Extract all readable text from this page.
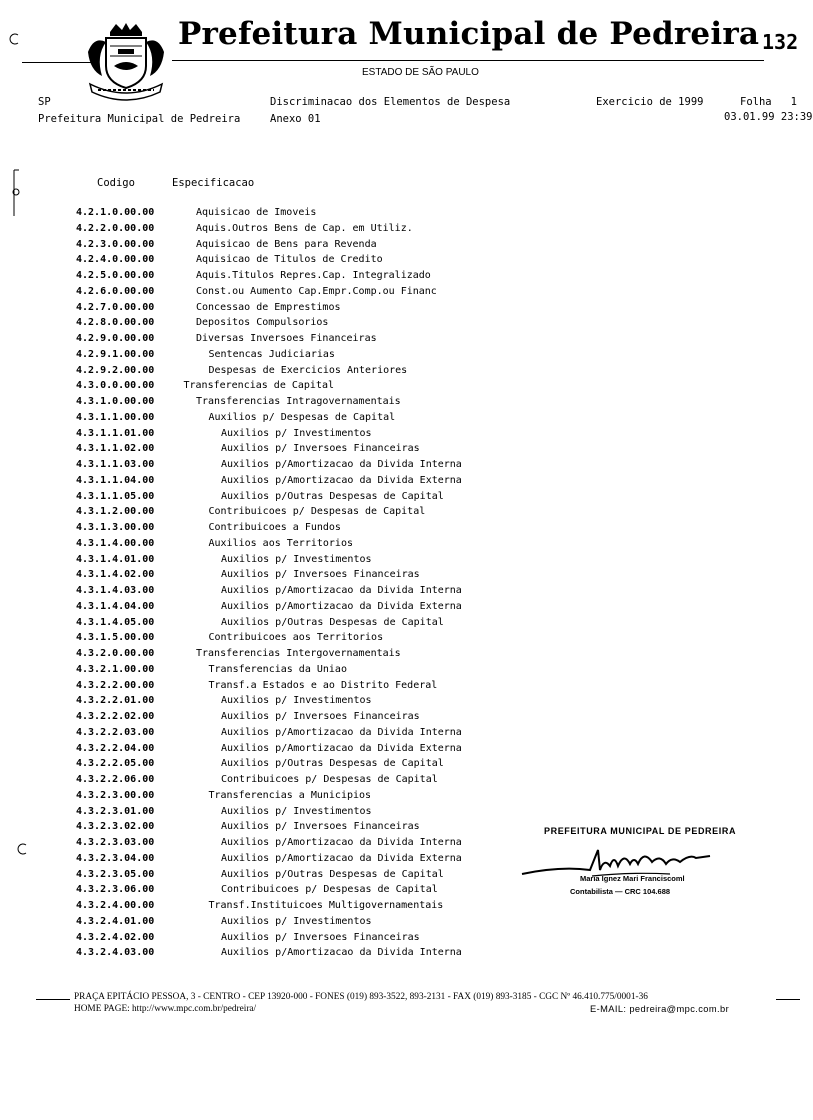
Prefeitura Municipal de Pedreira 132
ESTADO DE SÃO PAULO
SP
Prefeitura Municipal de Pedreira
Discriminacao dos Elementos de Despesa
Anexo 01
Exercicio de 1999	Folha 1
03.01.99 23:39
Codigo	Especificacao
4.2.1.0.00.00	Aquisicao de Imoveis
4.2.2.0.00.00	Aquis.Outros Bens de Cap. em Utiliz.
4.2.3.0.00.00	Aquisicao de Bens para Revenda
4.2.4.0.00.00	Aquisicao de Titulos de Credito
4.2.5.0.00.00	Aquis.Titulos Repres.Cap. Integralizado
4.2.6.0.00.00	Const.ou Aumento Cap.Empr.Comp.ou Financ
4.2.7.0.00.00	Concessao de Emprestimos
4.2.8.0.00.00	Depositos Compulsorios
4.2.9.0.00.00	Diversas Inversoes Financeiras
4.2.9.1.00.00	Sentencas Judiciarias
4.2.9.2.00.00	Despesas de Exercicios Anteriores
4.3.0.0.00.00	Transferencias de Capital
4.3.1.0.00.00	Transferencias Intragovernamentais
4.3.1.1.00.00	Auxilios p/ Despesas de Capital
4.3.1.1.01.00	Auxilios p/ Investimentos
4.3.1.1.02.00	Auxilios p/ Inversoes Financeiras
4.3.1.1.03.00	Auxilios p/Amortizacao da Divida Interna
4.3.1.1.04.00	Auxilios p/Amortizacao da Divida Externa
4.3.1.1.05.00	Auxilios p/Outras Despesas de Capital
4.3.1.2.00.00	Contribuicoes p/ Despesas de Capital
4.3.1.3.00.00	Contribuicoes a Fundos
4.3.1.4.00.00	Auxilios aos Territorios
4.3.1.4.01.00	Auxilios p/ Investimentos
4.3.1.4.02.00	Auxilios p/ Inversoes Financeiras
4.3.1.4.03.00	Auxilios p/Amortizacao da Divida Interna
4.3.1.4.04.00	Auxilios p/Amortizacao da Divida Externa
4.3.1.4.05.00	Auxilios p/Outras Despesas de Capital
4.3.1.5.00.00	Contribuicoes aos Territorios
4.3.2.0.00.00	Transferencias Intergovernamentais
4.3.2.1.00.00	Transferencias da Uniao
4.3.2.2.00.00	Transf.a Estados e ao Distrito Federal
4.3.2.2.01.00	Auxilios p/ Investimentos
4.3.2.2.02.00	Auxilios p/ Inversoes Financeiras
4.3.2.2.03.00	Auxilios p/Amortizacao da Divida Interna
4.3.2.2.04.00	Auxilios p/Amortizacao da Divida Externa
4.3.2.2.05.00	Auxilios p/Outras Despesas de Capital
4.3.2.2.06.00	Contribuicoes p/ Despesas de Capital
4.3.2.3.00.00	Transferencias a Municipios
4.3.2.3.01.00	Auxilios p/ Investimentos
4.3.2.3.02.00	Auxilios p/ Inversoes Financeiras
4.3.2.3.03.00	Auxilios p/Amortizacao da Divida Interna
4.3.2.3.04.00	Auxilios p/Amortizacao da Divida Externa
4.3.2.3.05.00	Auxilios p/Outras Despesas de Capital
4.3.2.3.06.00	Contribuicoes p/ Despesas de Capital
4.3.2.4.00.00	Transf.Instituicoes Multigovernamentais
4.3.2.4.01.00	Auxilios p/ Investimentos
4.3.2.4.02.00	Auxilios p/ Inversoes Financeiras
4.3.2.4.03.00	Auxilios p/Amortizacao da Divida Interna
PREFEITURA MUNICIPAL DE PEDREIRA
Maria Ignez Mari Franciscoml
Contabilista — CRC 104.688
PRAÇA EPITÁCIO PESSOA, 3 - CENTRO - CEP 13920-000 - FONES (019) 893-3522, 893-2131 - FAX (019) 893-3185 - CGC Nº 46.410.775/0001-36
HOME PAGE: http://www.mpc.com.br/pedreira/	E-MAIL: pedreira@mpc.com.br
